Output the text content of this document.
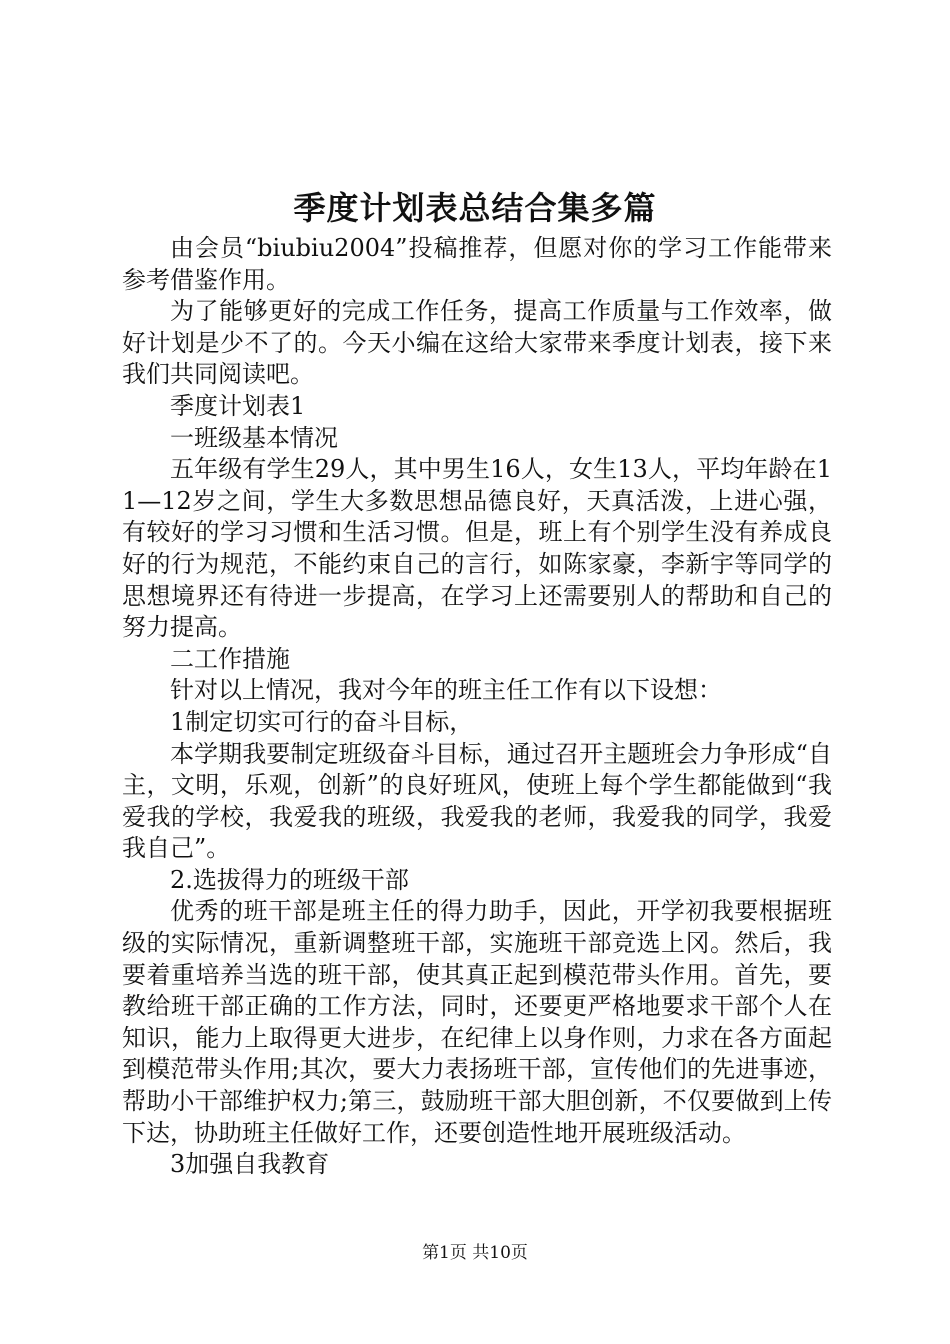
季度计划表总结合集多篇

由会员“biubiu2004”投稿推荐，但愿对你的学习工作能带来参考借鉴作用。

为了能够更好的完成工作任务，提高工作质量与工作效率，做好计划是少不了的。今天小编在这给大家带来季度计划表，接下来我们共同阅读吧。

季度计划表1

一班级基本情况

五年级有学生29人，其中男生16人，女生13人，平均年龄在11—12岁之间，学生大多数思想品德良好，天真活泼，上进心强，有较好的学习习惯和生活习惯。但是，班上有个别学生没有养成良好的行为规范，不能约束自己的言行，如陈家豪，李新宇等同学的思想境界还有待进一步提高，在学习上还需要别人的帮助和自己的努力提高。

二工作措施

针对以上情况，我对今年的班主任工作有以下设想：

1制定切实可行的奋斗目标，

本学期我要制定班级奋斗目标，通过召开主题班会力争形成“自主，文明，乐观，创新”的良好班风，使班上每个学生都能做到“我爱我的学校，我爱我的班级，我爱我的老师，我爱我的同学，我爱我自己”。

2.选拔得力的班级干部

优秀的班干部是班主任的得力助手，因此，开学初我要根据班级的实际情况，重新调整班干部，实施班干部竞选上冈。然后，我要着重培养当选的班干部，使其真正起到模范带头作用。首先，要教给班干部正确的工作方法，同时，还要更严格地要求干部个人在知识，能力上取得更大进步，在纪律上以身作则，力求在各方面起到模范带头作用;其次，要大力表扬班干部，宣传他们的先进事迹，帮助小干部维护权力;第三，鼓励班干部大胆创新，不仅要做到上传下达，协助班主任做好工作，还要创造性地开展班级活动。

3加强自我教育

第1页 共10页
